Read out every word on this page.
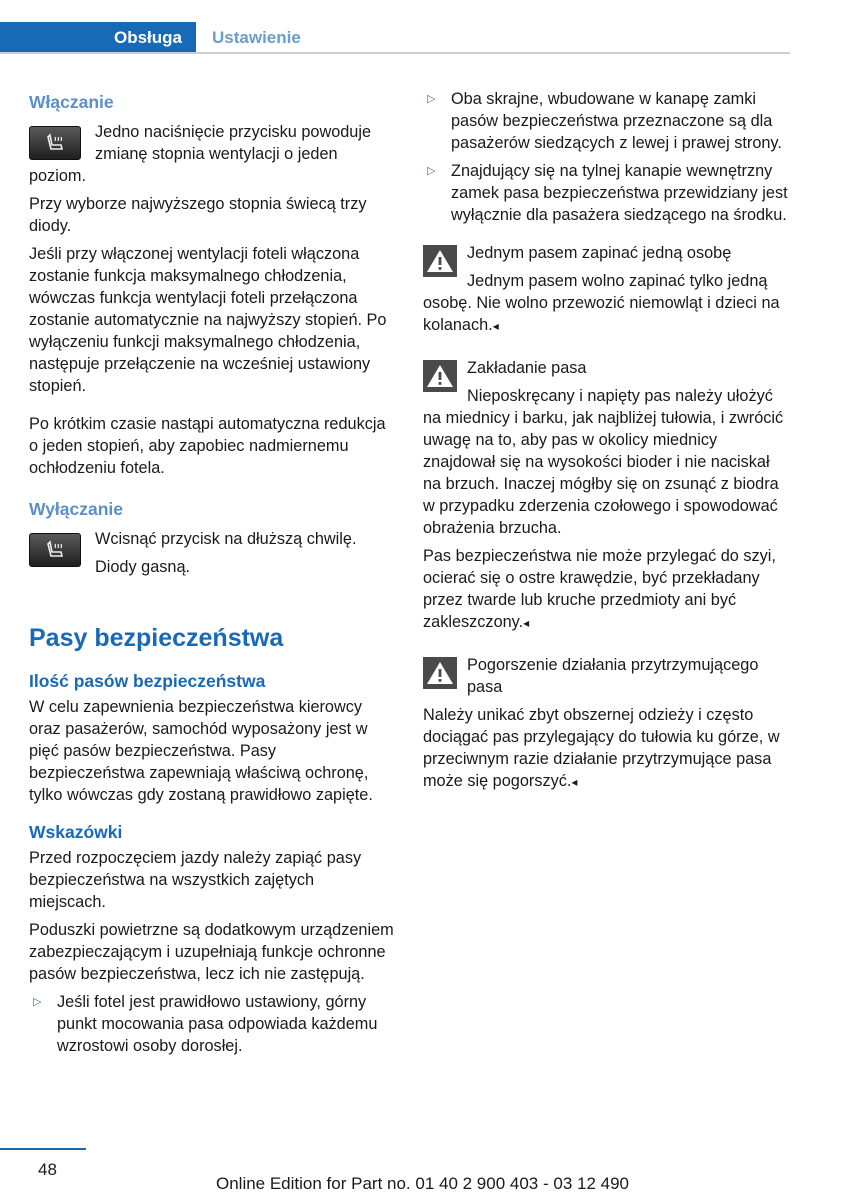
Obsługa Ustawienie
Włączanie

Jedno naciśnięcie przycisku powoduje zmianę stopnia wentylacji o jeden poziom.

Przy wyborze najwyższego stopnia świecą trzy diody.

Jeśli przy włączonej wentylacji foteli włączona zostanie funkcja maksymalnego chłodzenia, wówczas funkcja wentylacji foteli przełączona zostanie automatycznie na najwyższy stopień. Po wyłączeniu funkcji maksymalnego chłodzenia, następuje przełączenie na wcześniej ustawiony stopień.

Po krótkim czasie nastąpi automatyczna redukcja o jeden stopień, aby zapobiec nadmiernemu ochłodzeniu fotela.

Wyłączanie

Wcisnąć przycisk na dłuższą chwilę.

Diody gasną.

Pasy bezpieczeństwa
Ilość pasów bezpieczeństwa

W celu zapewnienia bezpieczeństwa kierowcy oraz pasażerów, samochód wyposażony jest w pięć pasów bezpieczeństwa. Pasy bezpieczeństwa zapewniają właściwą ochronę, tylko wówczas gdy zostaną prawidłowo zapięte.

Wskazówki

Przed rozpoczęciem jazdy należy zapiąć pasy bezpieczeństwa na wszystkich zajętych miejscach.

Poduszki powietrzne są dodatkowym urządzeniem zabezpieczającym i uzupełniają funkcje ochronne pasów bezpieczeństwa, lecz ich nie zastępują.

▷ Jeśli fotel jest prawidłowo ustawiony, górny punkt mocowania pasa odpowiada każdemu wzrostowi osoby dorosłej.
▷ Oba skrajne, wbudowane w kanapę zamki pasów bezpieczeństwa przeznaczone są dla pasażerów siedzących z lewej i prawej strony.
▷ Znajdujący się na tylnej kanapie wewnętrzny zamek pasa bezpieczeństwa przewidziany jest wyłącznie dla pasażera siedzącego na środku.

Jednym pasem zapinać jedną osobę

Jednym pasem wolno zapinać tylko jedną osobę. Nie wolno przewozić niemowląt i dzieci na kolanach.◂

Zakładanie pasa

Nieposkręcany i napięty pas należy ułożyć na miednicy i barku, jak najbliżej tułowia, i zwrócić uwagę na to, aby pas w okolicy miednicy znajdował się na wysokości bioder i nie naciskał na brzuch. Inaczej mógłby się on zsunąć z biodra w przypadku zderzenia czołowego i spowodować obrażenia brzucha.

Pas bezpieczeństwa nie może przylegać do szyi, ocierać się o ostre krawędzie, być przekładany przez twarde lub kruche przedmioty ani być zakleszczony.◂

Pogorszenie działania przytrzymującego pasa

Należy unikać zbyt obszernej odzieży i często dociągać pas przylegający do tułowia ku górze, w przeciwnym razie działanie przytrzymujące pasa może się pogorszyć.◂

48
Online Edition for Part no. 01 40 2 900 403 - 03 12 490
